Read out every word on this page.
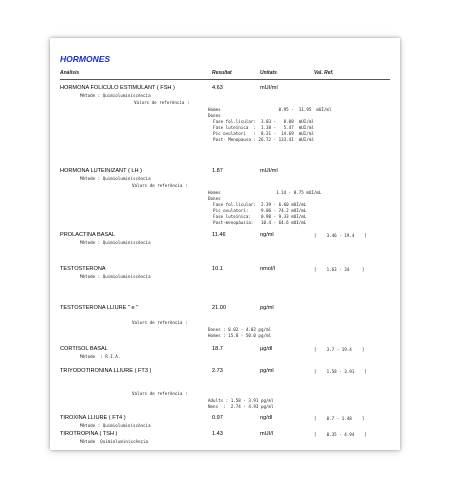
HORMONES
Anàlisis	Resultat	Unitats	Val. Ref.
HORMONA FOLICULO ESTIMULANT ( FSH )	4.63	mUI/ml
Mètode : Quimioluminiscència
Valors de referència :
Homes                       0.95 -  11.95  mUI/ml
Dones
Fase fol.licular:  3.03 -   8.08  mUI/ml
Fase luteínica  :  1.38 -   5.47  mUI/ml
Pic ovulatori   :  8.31 -  14.69  mUI/ml
Post- Menopausa : 26.72 - 133.41  mUI/ml
HORMONA LUTEINIZANT ( LH )	1.87	mUI/ml
Mètode : Quimioluminiscència
Valors de referència :
Homes                      1.14 - 8.75 mUI/mL
Dones
Fase fol.licular:  2.39 - 6.60 mUI/mL
Pic ovulatori:     9.06 - 74.2 mUI/mL
Fase luteïnica:    0.90 - 9.33 mUI/mL
Post-menopàusia:   10.4 - 64.6 mUI/mL
PROLACTINA BASAL	11.46	ng/ml	[    3.46 - 19.4    ]
Mètode : Quimioluminiscència
TESTOSTERONA	10.1	nmol/l	[    1.63 - 34     ]
Mètode : Quimioluminiscència
TESTOSTERONA LLIURE " e "	21.00	pg/ml
Valors de referència :
Dones : 0.02 - 4.02 pg/ml
Homes : 15.0 - 50.0 pg/ml
CORTISOL BASAL	18.7	µg/dl	[    3.7 - 19.4    ]
Mètode  : R.I.A.
TRIYODOTIRONINA LLIURE ( FT3 )	2.73	pg/ml	[    1.58 - 3.91    ]
Valors de referència :
Adults : 1.58 - 3.91 pg/ml
Nens  :  2.74 - 4.93 pg/ml
TIROXINA LLIURE ( FT4 )	0.97	ng/dl	[    0.7 - 1.48    ]
Mètode : Quimioluminiscència
TIROTROPINA ( TSH )	1.43	mUI/l	[    0.35 - 4.94    ]
Mètode  Quimioluminiscència
